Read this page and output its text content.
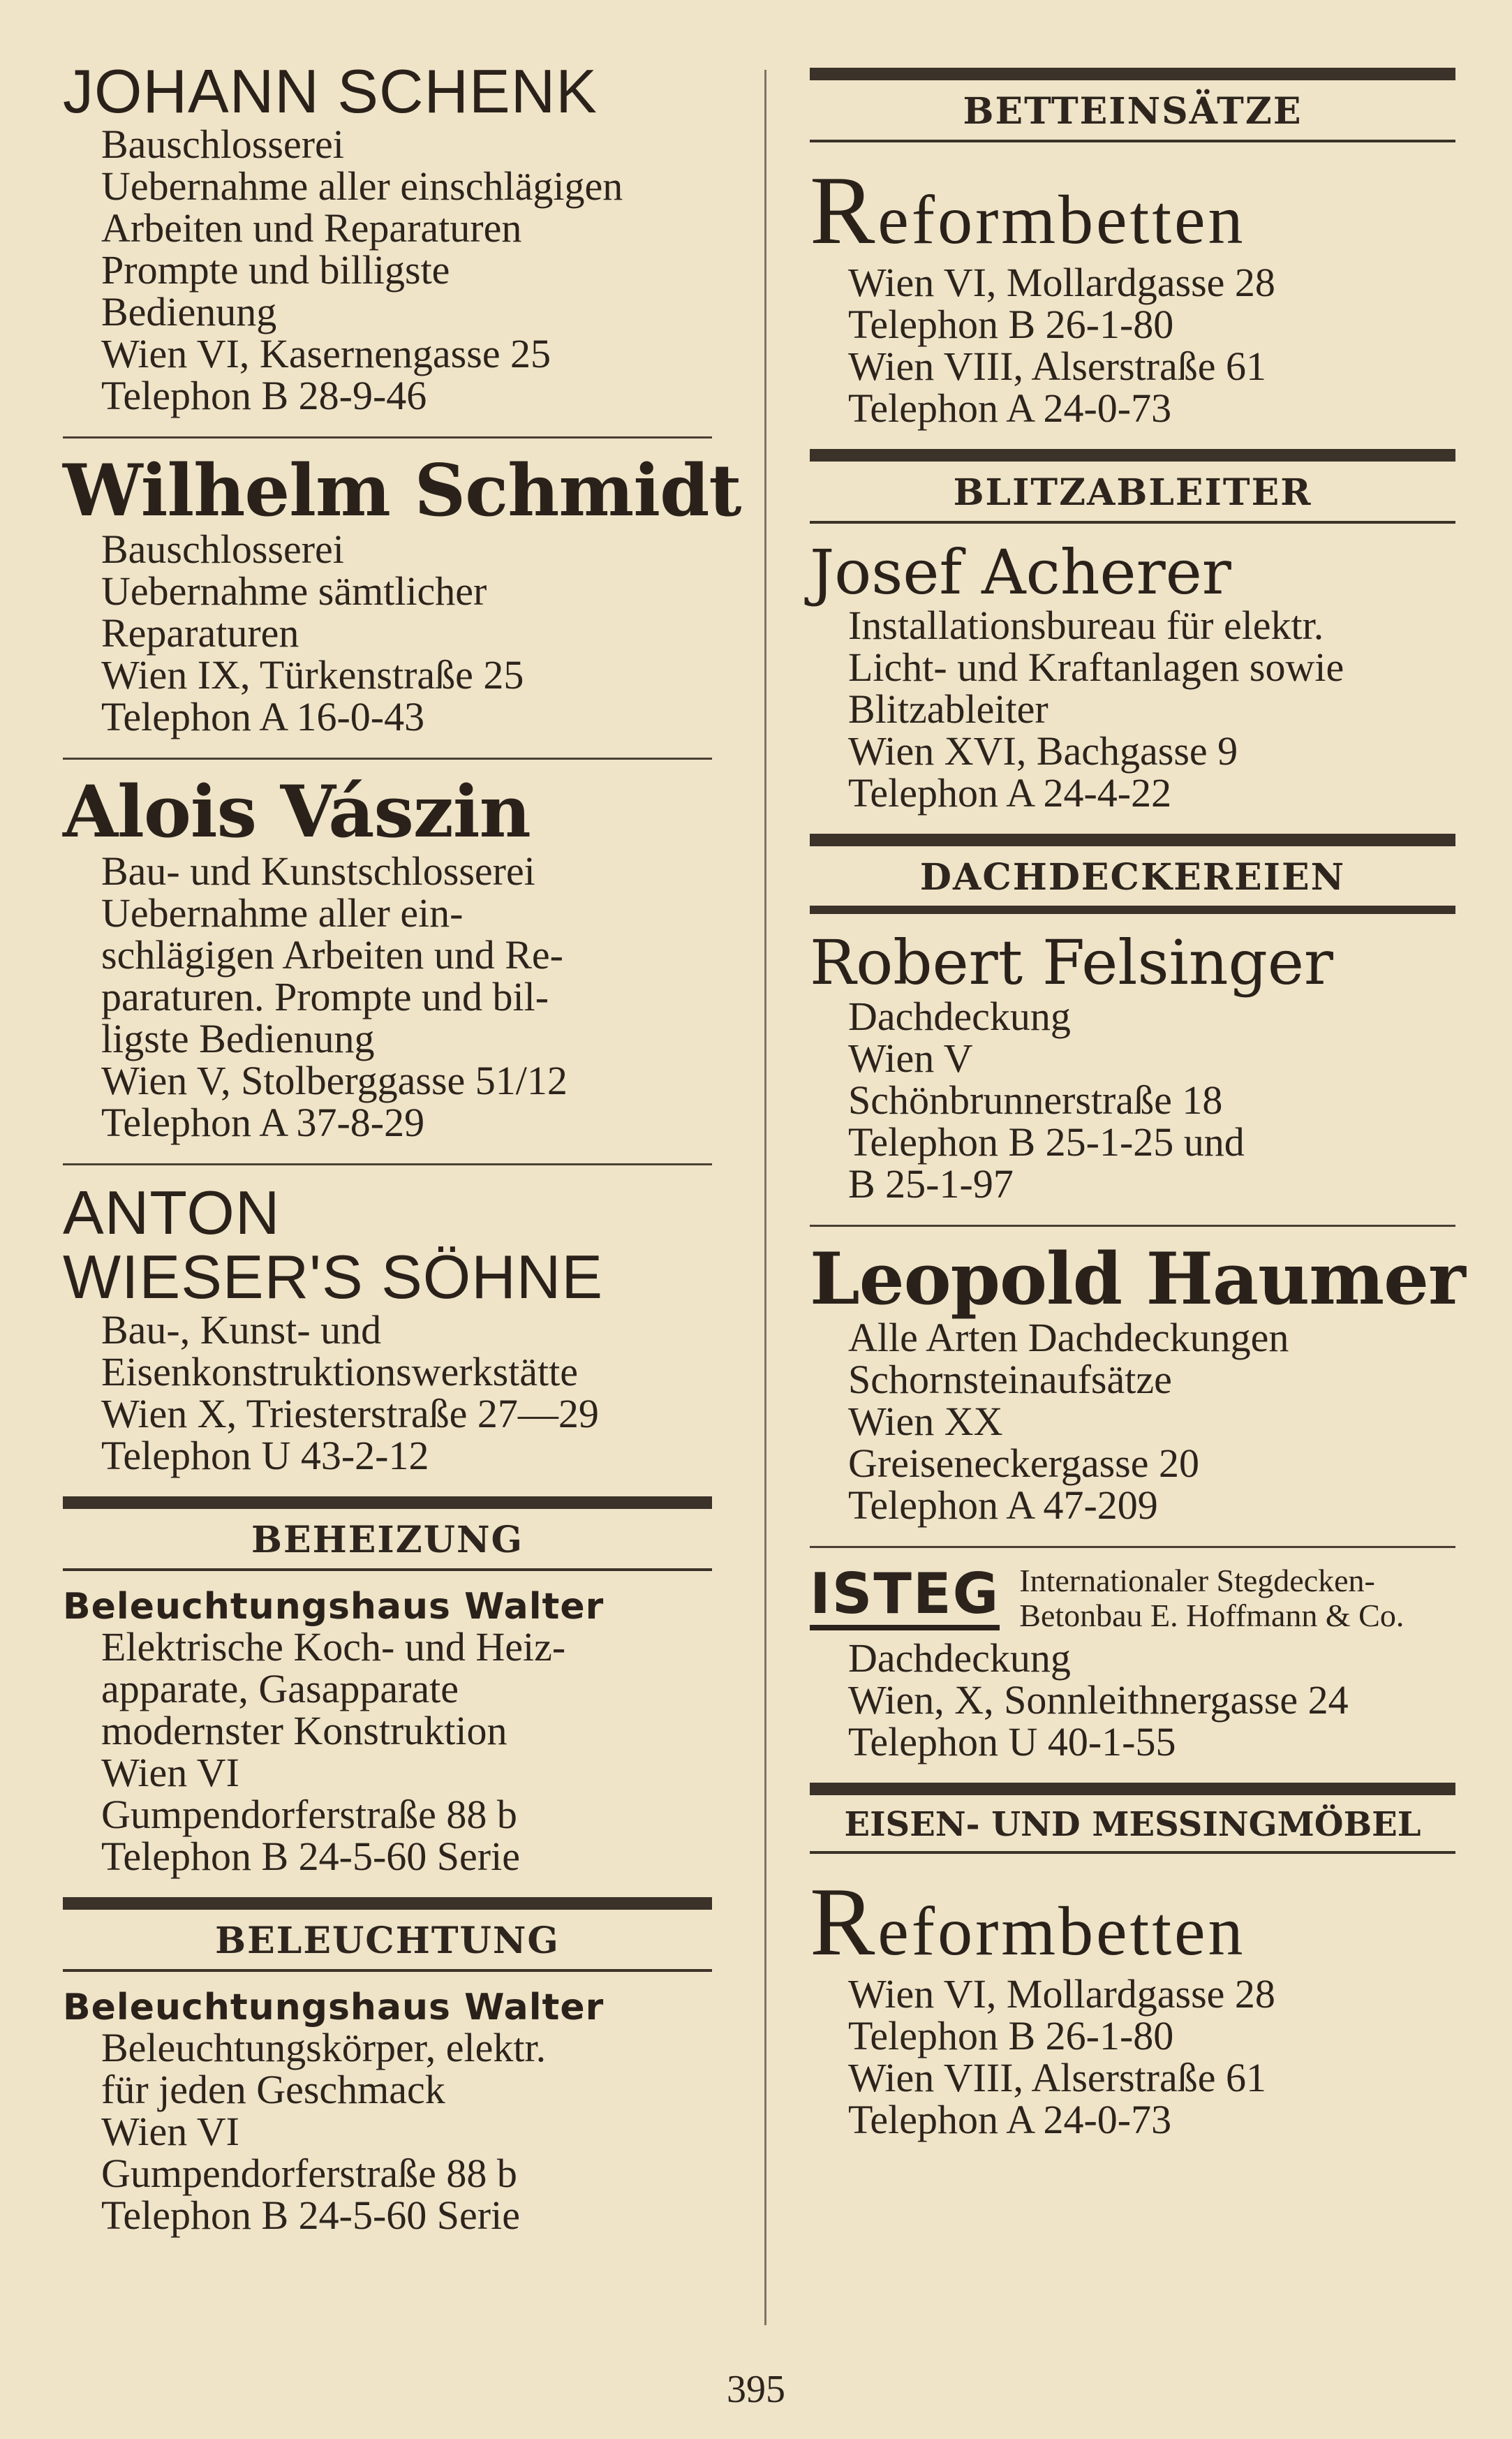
JOHANN SCHENK
Bauschlosserei
Uebernahme aller einschlägigen
Arbeiten und Reparaturen
Prompte und billigste
Bedienung
Wien VI, Kasernengasse 25
Telephon B 28-9-46
Wilhelm Schmidt
Bauschlosserei
Uebernahme sämtlicher
Reparaturen
Wien IX, Türkenstraße 25
Telephon A 16-0-43
Alois Vászin
Bau- und Kunstschlosserei
Uebernahme aller ein-
schlägigen Arbeiten und Re-
paraturen. Prompte und bil-
ligste Bedienung
Wien V, Stolberggasse 51/12
Telephon A 37-8-29
ANTON
WIESER'S SÖHNE
Bau-, Kunst- und
Eisenkonstruktionswerkstätte
Wien X, Triesterstraße 27—29
Telephon U 43-2-12
BEHEIZUNG
Beleuchtungshaus Walter
Elektrische Koch- und Heiz-
apparate, Gasapparate
modernster Konstruktion
Wien VI
Gumpendorferstraße 88 b
Telephon B 24-5-60 Serie
BELEUCHTUNG
Beleuchtungshaus Walter
Beleuchtungskörper, elektr.
für jeden Geschmack
Wien VI
Gumpendorferstraße 88 b
Telephon B 24-5-60 Serie
BETTEINSÄTZE
Reformbetten
Wien VI, Mollardgasse 28
Telephon B 26-1-80
Wien VIII, Alserstraße 61
Telephon A 24-0-73
BLITZABLEITER
Josef Acherer
Installationsbureau für elektr.
Licht- und Kraftanlagen sowie
Blitzableiter
Wien XVI, Bachgasse 9
Telephon A 24-4-22
DACHDECKEREIEN
Robert Felsinger
Dachdeckung
Wien V
Schönbrunnerstraße 18
Telephon B 25-1-25 und
B 25-1-97
Leopold Haumer
Alle Arten Dachdeckungen
Schornsteinaufsätze
Wien XX
Greiseneckergasse 20
Telephon A 47-209
ISTEG Internationaler Stegdecken-
Betonbau E. Hoffmann & Co.
Dachdeckung
Wien, X, Sonnleithnergasse 24
Telephon U 40-1-55
EISEN- UND MESSINGMÖBEL
Reformbetten
Wien VI, Mollardgasse 28
Telephon B 26-1-80
Wien VIII, Alserstraße 61
Telephon A 24-0-73
395
